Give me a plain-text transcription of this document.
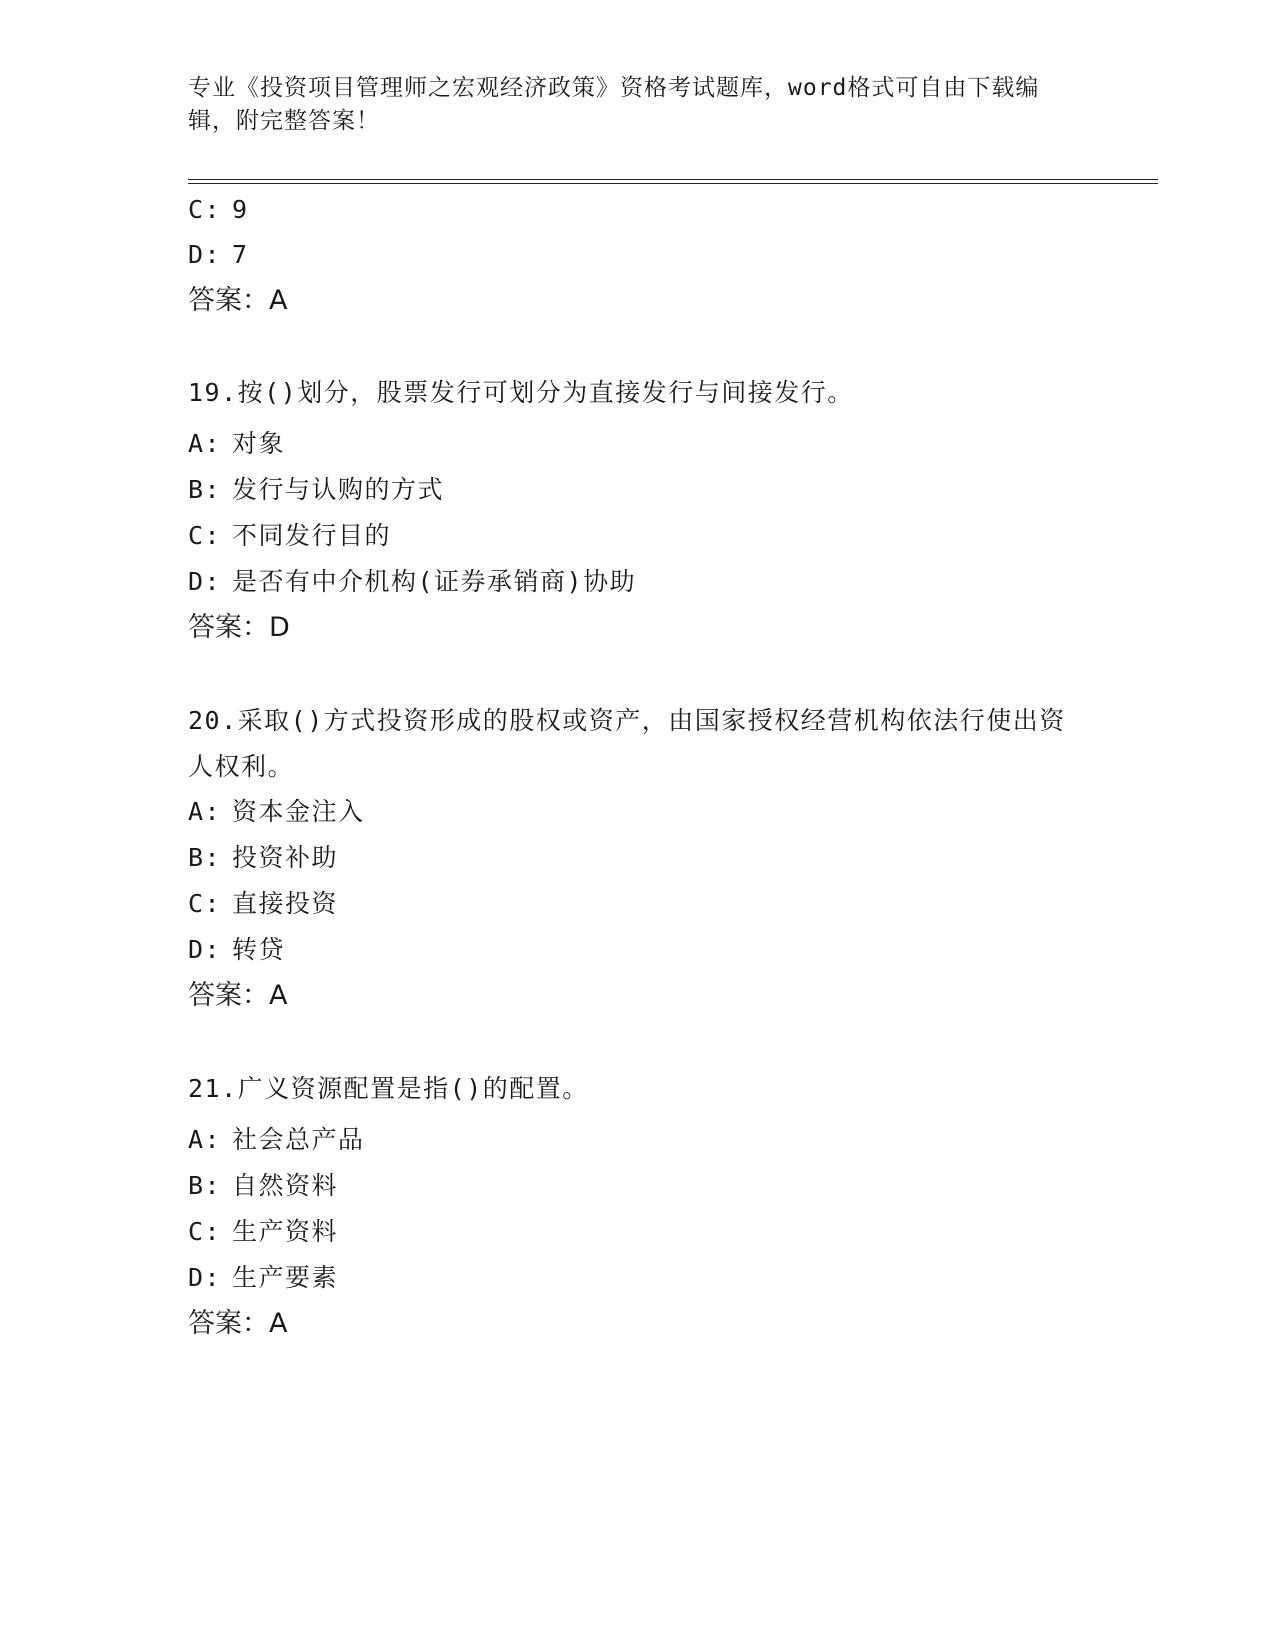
专业《投资项目管理师之宏观经济政策》资格考试题库，word格式可自由下载编辑，附完整答案！
C: 9
D: 7
答案：A
19.按()划分，股票发行可划分为直接发行与间接发行。
A: 对象
B: 发行与认购的方式
C: 不同发行目的
D: 是否有中介机构(证券承销商)协助
答案：D
20.采取()方式投资形成的股权或资产，由国家授权经营机构依法行使出资人权利。
A: 资本金注入
B: 投资补助
C: 直接投资
D: 转贷
答案：A
21.广义资源配置是指()的配置。
A: 社会总产品
B: 自然资料
C: 生产资料
D: 生产要素
答案：A
